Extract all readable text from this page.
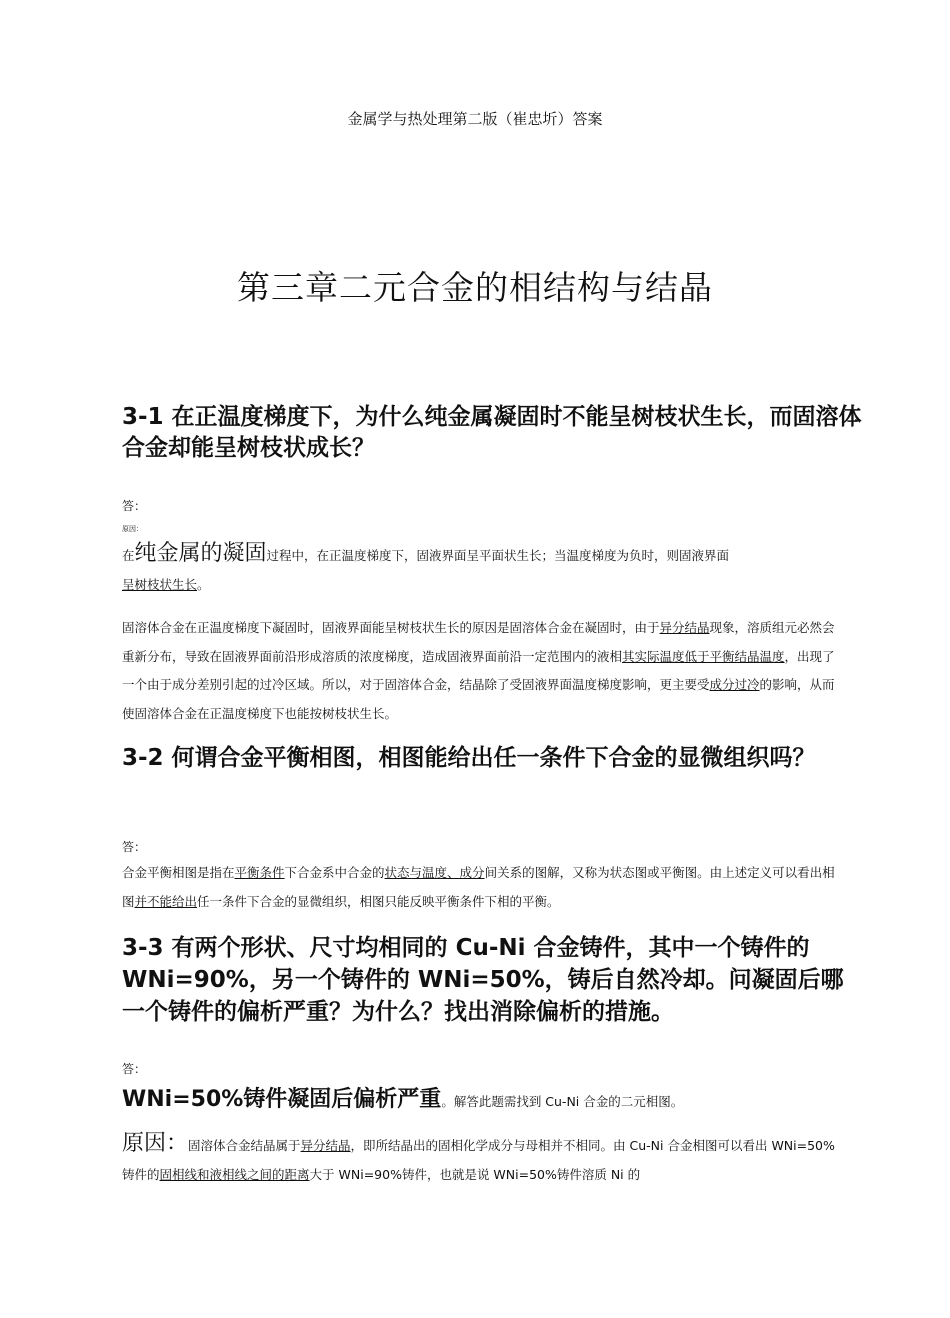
金属学与热处理第二版（崔忠圻）答案
第三章二元合金的相结构与结晶
3-1 在正温度梯度下，为什么纯金属凝固时不能呈树枝状生长，而固溶体合金却能呈树枝状成长？
答：
原因：
在纯金属的凝固过程中，在正温度梯度下，固液界面呈平面状生长；当温度梯度为负时，则固液界面
呈树枝状生长。
固溶体合金在正温度梯度下凝固时，固液界面能呈树枝状生长的原因是固溶体合金在凝固时，由于异分结晶现象，溶质组元必然会重新分布，导致在固液界面前沿形成溶质的浓度梯度，造成固液界面前沿一定范围内的液相其实际温度低于平衡结晶温度，出现了一个由于成分差别引起的过冷区域。所以，对于固溶体合金，结晶除了受固液界面温度梯度影响，更主要受成分过冷的影响，从而使固溶体合金在正温度梯度下也能按树枝状生长。
3-2 何谓合金平衡相图，相图能给出任一条件下合金的显微组织吗？
答：
合金平衡相图是指在平衡条件下合金系中合金的状态与温度、成分间关系的图解，又称为状态图或平衡图。由上述定义可以看出相图并不能给出任一条件下合金的显微组织，相图只能反映平衡条件下相的平衡。
3-3 有两个形状、尺寸均相同的 Cu-Ni 合金铸件，其中一个铸件的 WNi=90%，另一个铸件的 WNi=50%，铸后自然冷却。问凝固后哪一个铸件的偏析严重？为什么？找出消除偏析的措施。
答：
WNi=50%铸件凝固后偏析严重。解答此题需找到 Cu-Ni 合金的二元相图。
原因：固溶体合金结晶属于异分结晶，即所结晶出的固相化学成分与母相并不相同。由 Cu-Ni 合金相图可以看出 WNi=50%铸件的固相线和液相线之间的距离大于 WNi=90%铸件，也就是说 WNi=50%铸件溶质 Ni 的
